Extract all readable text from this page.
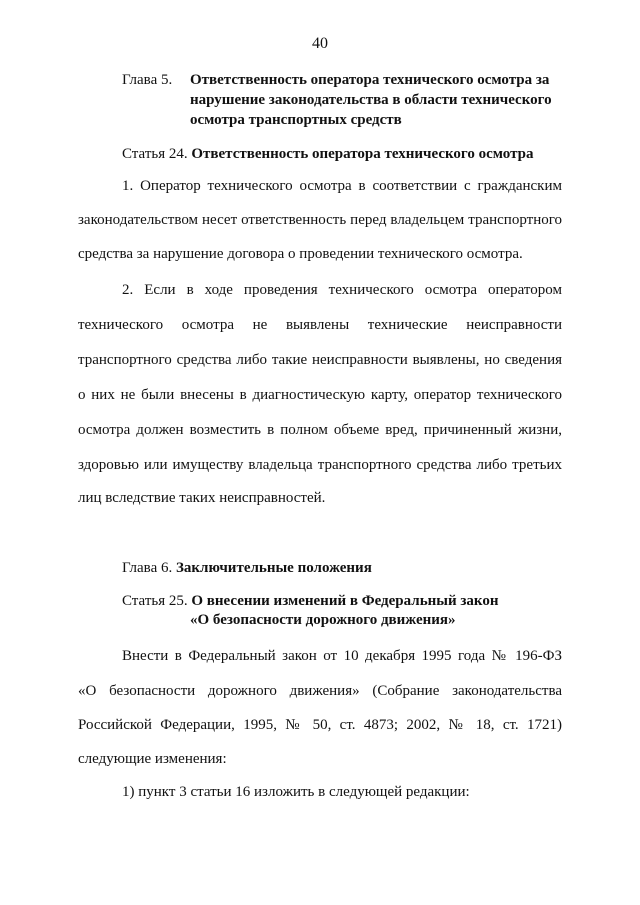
40
Глава 5. Ответственность оператора технического осмотра за
нарушение законодательства в области технического
осмотра транспортных средств
Статья 24. Ответственность оператора технического осмотра
1. Оператор технического осмотра в соответствии с гражданским
законодательством несет ответственность перед владельцем транспортного
средства за нарушение договора о проведении технического осмотра.
2. Если в ходе проведения технического осмотра оператором
технического осмотра не выявлены технические неисправности
транспортного средства либо такие неисправности выявлены, но сведения
о них не были внесены в диагностическую карту, оператор технического
осмотра должен возместить в полном объеме вред, причиненный жизни,
здоровью или имуществу владельца транспортного средства либо третьих
лиц вследствие таких неисправностей.
Глава 6. Заключительные положения
Статья 25. О внесении изменений в Федеральный закон
«О безопасности дорожного движения»
Внести в Федеральный закон от 10 декабря 1995 года № 196-ФЗ
«О безопасности дорожного движения» (Собрание законодательства
Российской Федерации, 1995, № 50, ст. 4873; 2002, № 18, ст. 1721)
следующие изменения:
1) пункт 3 статьи 16 изложить в следующей редакции:
